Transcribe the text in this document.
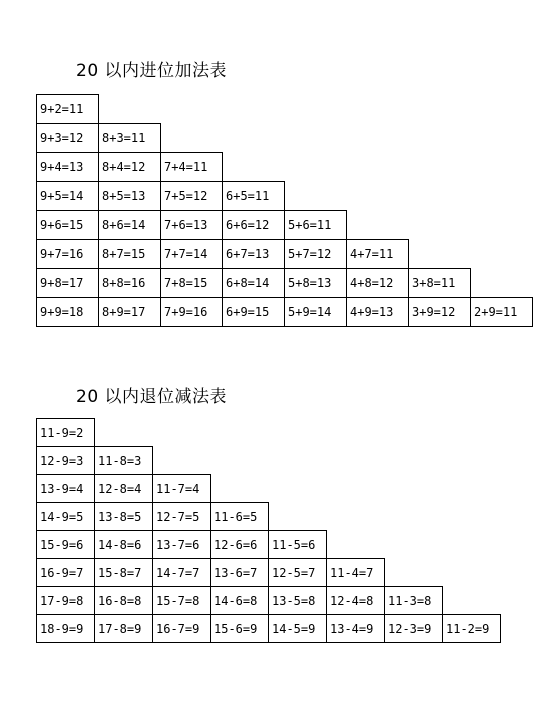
20 以内进位加法表
9+2=11
9+3=12	8+3=11
9+4=13	8+4=12	7+4=11
9+5=14	8+5=13	7+5=12	6+5=11
9+6=15	8+6=14	7+6=13	6+6=12	5+6=11
9+7=16	8+7=15	7+7=14	6+7=13	5+7=12	4+7=11
9+8=17	8+8=16	7+8=15	6+8=14	5+8=13	4+8=12	3+8=11
9+9=18	8+9=17	7+9=16	6+9=15	5+9=14	4+9=13	3+9=12	2+9=11
20 以内退位减法表
11-9=2
12-9=3	11-8=3
13-9=4	12-8=4	11-7=4
14-9=5	13-8=5	12-7=5	11-6=5
15-9=6	14-8=6	13-7=6	12-6=6	11-5=6
16-9=7	15-8=7	14-7=7	13-6=7	12-5=7	11-4=7
17-9=8	16-8=8	15-7=8	14-6=8	13-5=8	12-4=8	11-3=8
18-9=9	17-8=9	16-7=9	15-6=9	14-5=9	13-4=9	12-3=9	11-2=9
